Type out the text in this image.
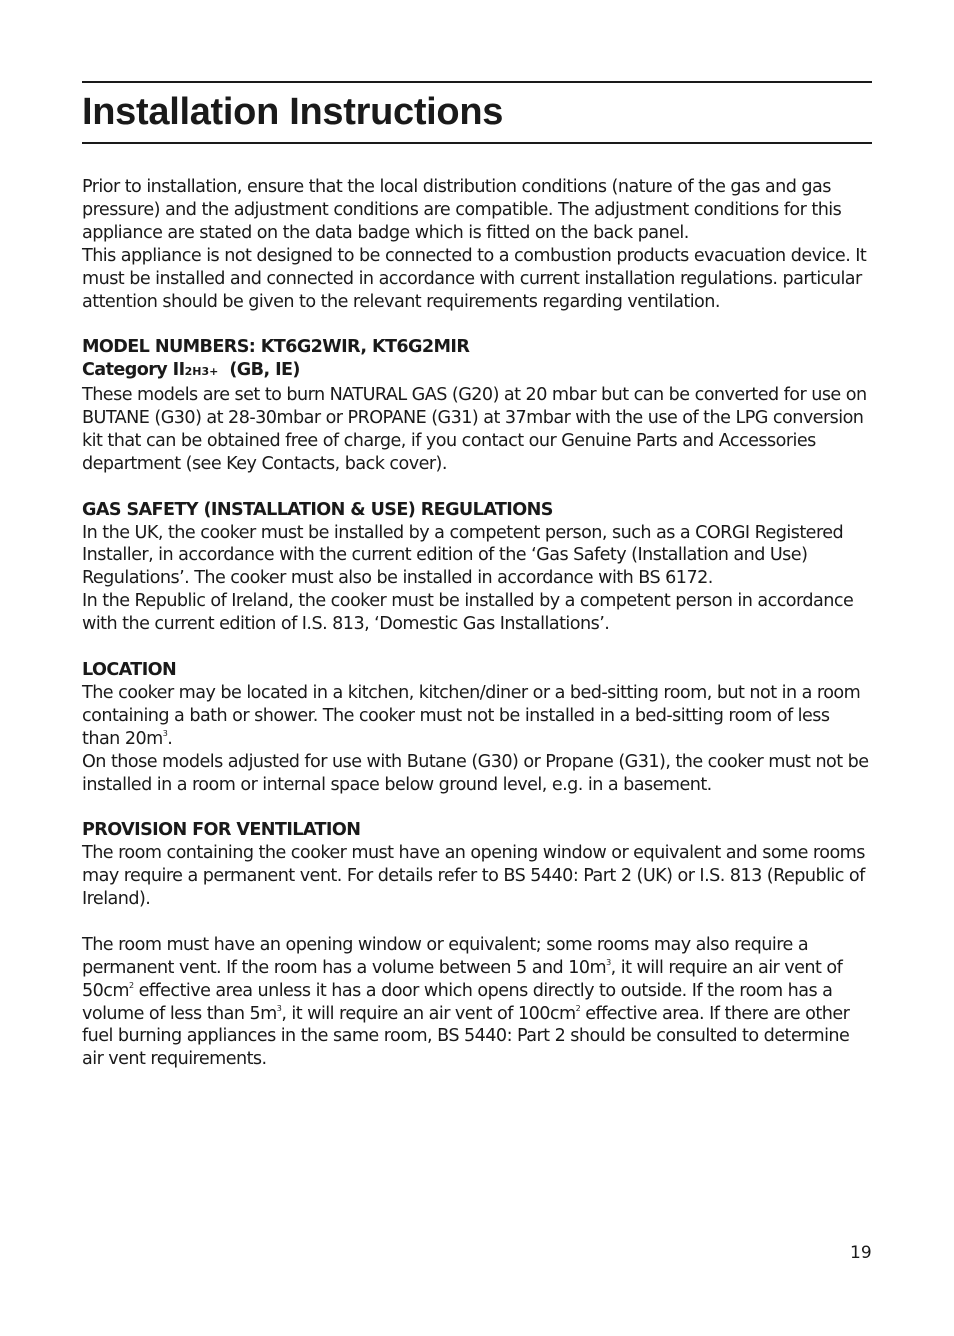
Installation Instructions

Prior to installation, ensure that the local distribution conditions (nature of the gas and gas pressure) and the adjustment conditions are compatible. The adjustment conditions for this appliance are stated on the data badge which is fitted on the back panel.

This appliance is not designed to be connected to a combustion products evacuation device. It must be installed and connected in accordance with current installation regulations. particular attention should be given to the relevant requirements regarding ventilation.

MODEL NUMBERS: KT6G2WIR, KT6G2MIR

Category II2H3+  (GB, IE)

These models are set to burn NATURAL GAS (G20) at 20 mbar but can be converted for use on BUTANE (G30) at 28-30mbar or PROPANE (G31) at 37mbar with the use of the LPG conversion kit that can be obtained free of charge, if you contact our Genuine Parts and Accessories department (see Key Contacts, back cover).

GAS SAFETY (INSTALLATION & USE) REGULATIONS

In the UK, the cooker must be installed by a competent person, such as a CORGI Registered Installer, in accordance with the current edition of the ‘Gas Safety (Installation and Use) Regulations’. The cooker must also be installed in accordance with BS 6172.

In the Republic of Ireland, the cooker must be installed by a competent person in accordance with the current edition of I.S. 813, ‘Domestic Gas Installations’.

LOCATION

The cooker may be located in a kitchen, kitchen/diner or a bed-sitting room, but not in a room containing a bath or shower. The cooker must not be installed in a bed-sitting room of less than $20m^3$.

On those models adjusted for use with Butane (G30) or Propane (G31), the cooker must not be installed in a room or internal space below ground level, e.g. in a basement.

PROVISION FOR VENTILATION

The room containing the cooker must have an opening window or equivalent and some rooms may require a permanent vent. For details refer to BS 5440: Part 2 (UK) or I.S. 813 (Republic of Ireland).

The room must have an opening window or equivalent; some rooms may also require a permanent vent. If the room has a volume between 5 and $10m^3$, it will require an air vent of $50cm^2$ effective area unless it has a door which opens directly to outside. If the room has a volume of less than $5m^3$, it will require an air vent of $100cm^2$ effective area. If there are other fuel burning appliances in the same room, BS 5440: Part 2 should be consulted to determine air vent requirements.

19
